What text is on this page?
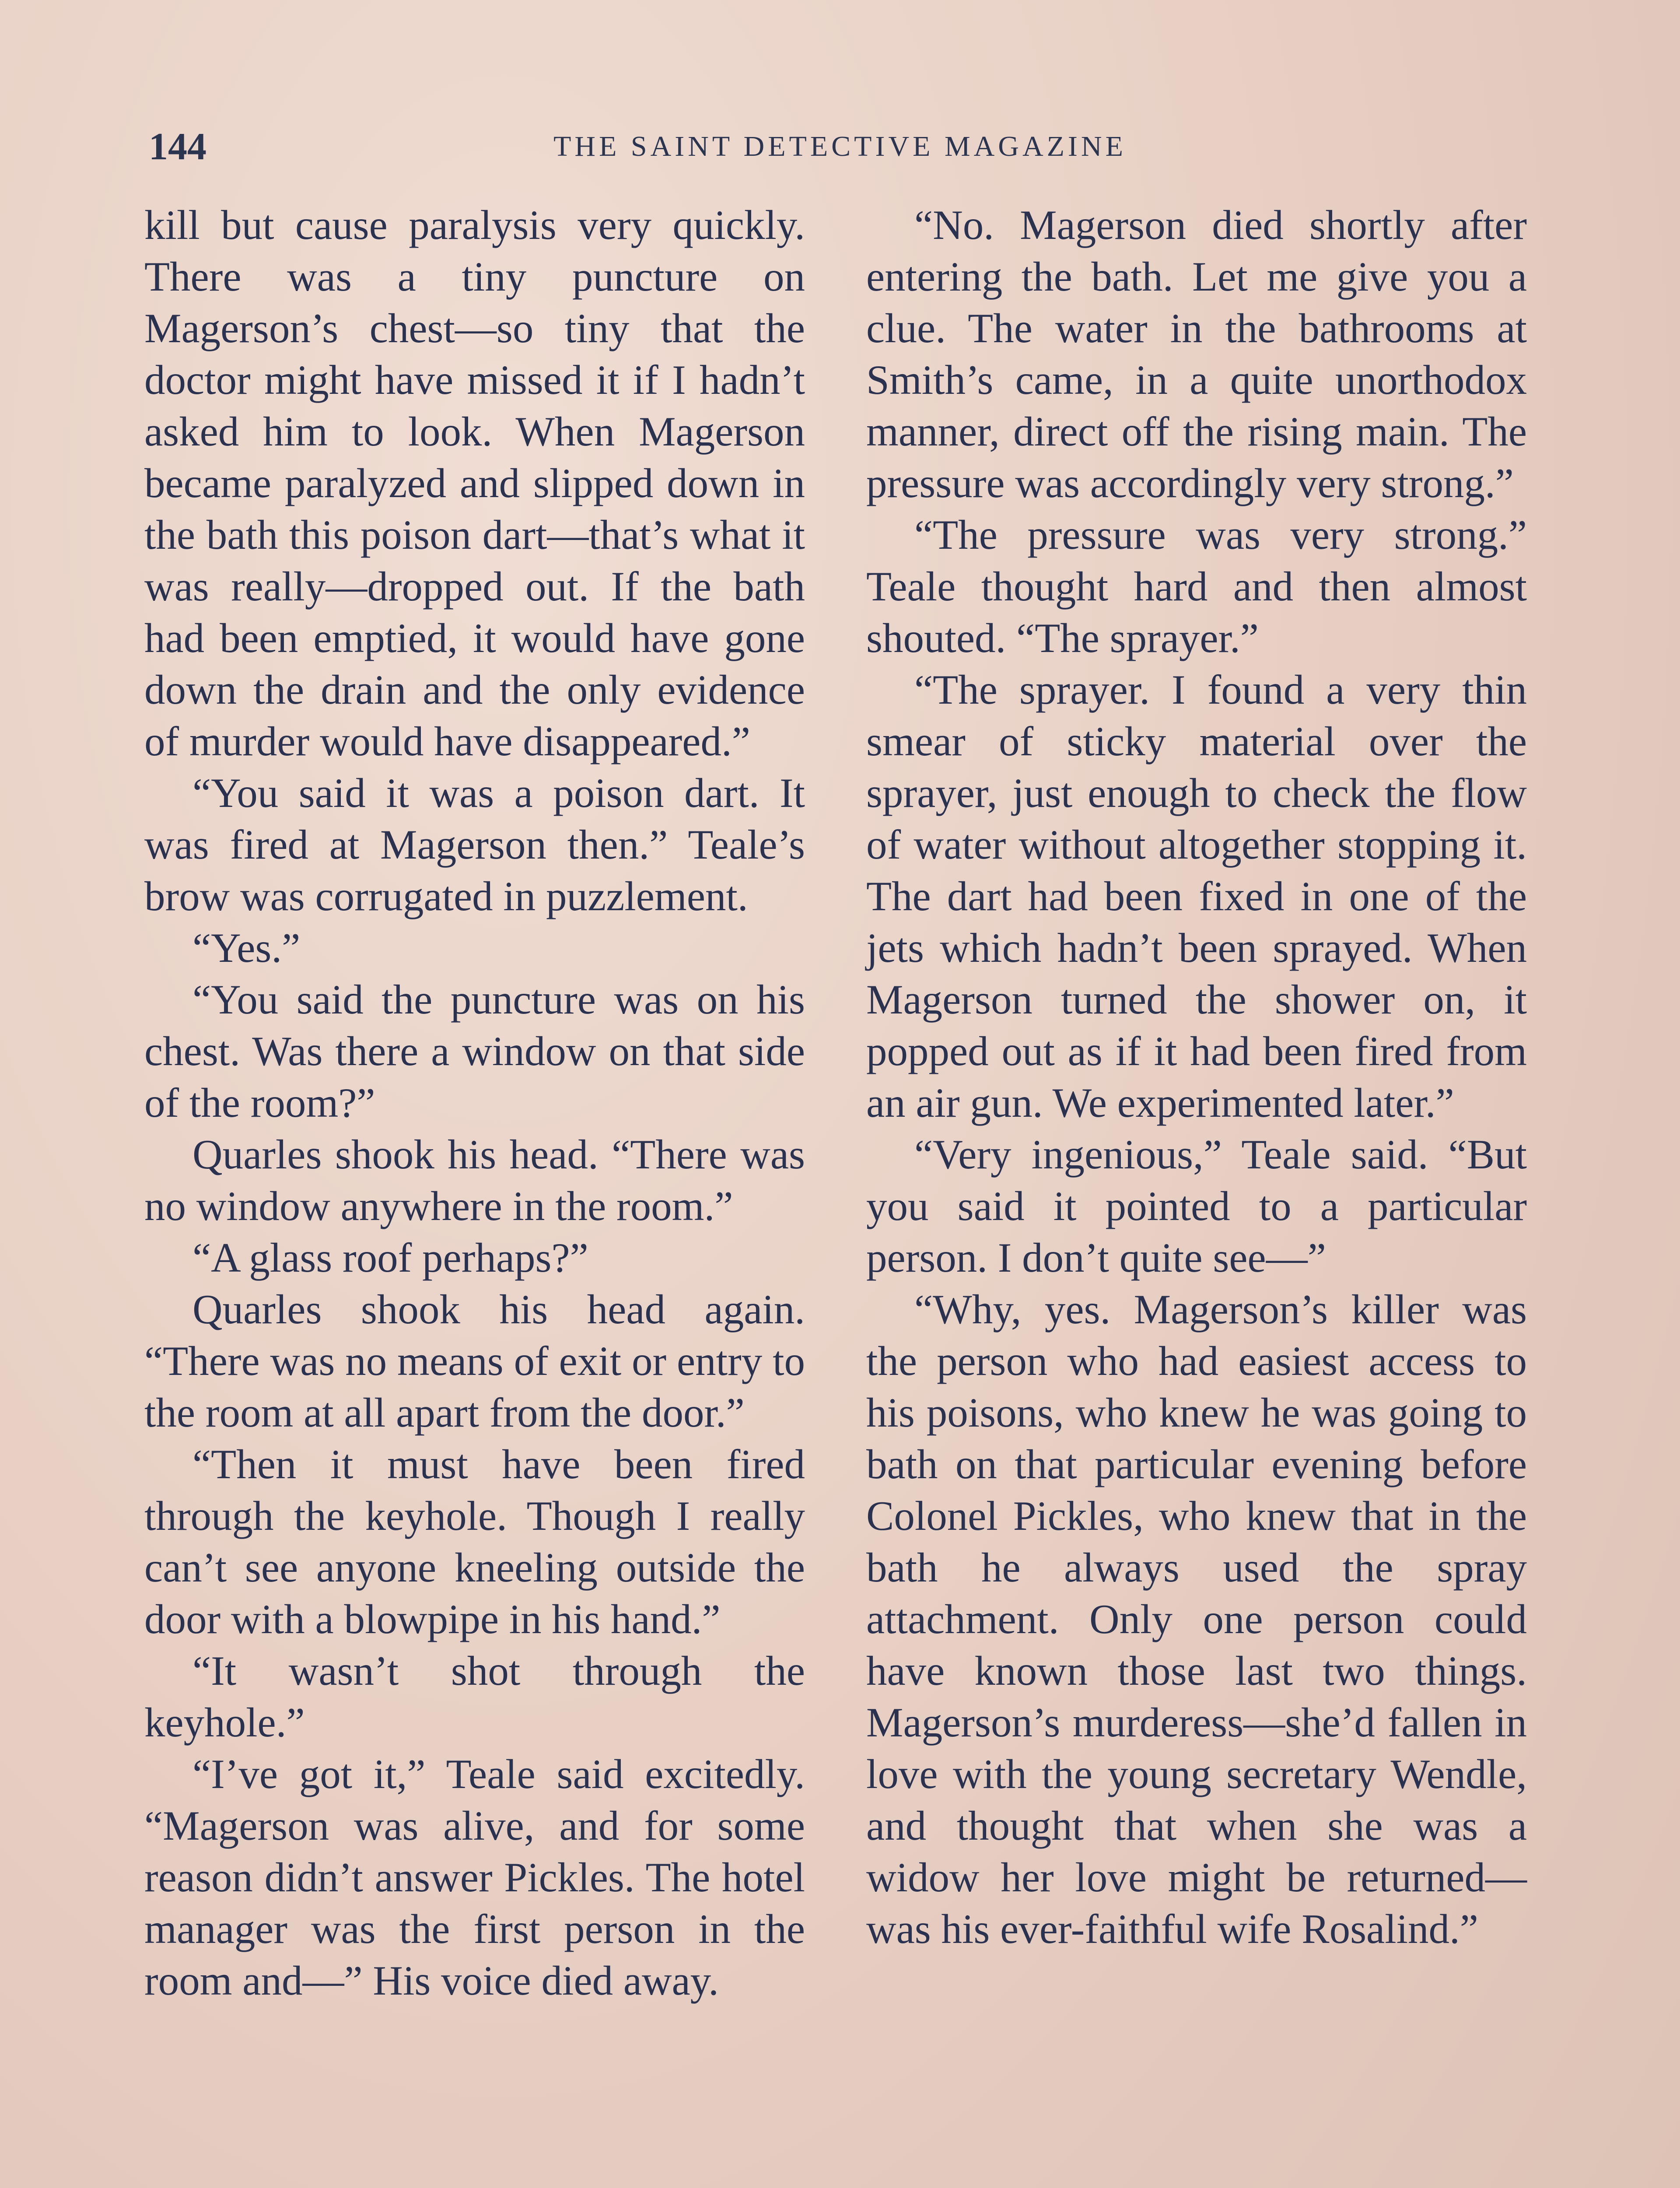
144	THE SAINT DETECTIVE MAGAZINE

kill but cause paralysis very quickly. There was a tiny puncture on Magerson’s chest—so tiny that the doctor might have missed it if I hadn’t asked him to look. When Magerson became paralyzed and slipped down in the bath this poison dart—that’s what it was really—dropped out. If the bath had been emptied, it would have gone down the drain and the only evidence of murder would have disappeared.”

“You said it was a poison dart. It was fired at Magerson then.” Teale’s brow was corrugated in puzzlement.

“Yes.”

“You said the puncture was on his chest. Was there a window on that side of the room?”

Quarles shook his head. “There was no window anywhere in the room.”

“A glass roof perhaps?”

Quarles shook his head again. “There was no means of exit or entry to the room at all apart from the door.”

“Then it must have been fired through the keyhole. Though I really can’t see anyone kneeling outside the door with a blowpipe in his hand.”

“It wasn’t shot through the keyhole.”

“I’ve got it,” Teale said excitedly. “Magerson was alive, and for some reason didn’t answer Pickles. The hotel manager was the first person in the room and—” His voice died away.

“No. Magerson died shortly after entering the bath. Let me give you a clue. The water in the bathrooms at Smith’s came, in a quite unorthodox manner, direct off the rising main. The pressure was accordingly very strong.”

“The pressure was very strong.” Teale thought hard and then almost shouted. “The sprayer.”

“The sprayer. I found a very thin smear of sticky material over the sprayer, just enough to check the flow of water without altogether stopping it. The dart had been fixed in one of the jets which hadn’t been sprayed. When Magerson turned the shower on, it popped out as if it had been fired from an air gun. We experimented later.”

“Very ingenious,” Teale said. “But you said it pointed to a particular person. I don’t quite see—”

“Why, yes. Magerson’s killer was the person who had easiest access to his poisons, who knew he was going to bath on that particular evening before Colonel Pickles, who knew that in the bath he always used the spray attachment. Only one person could have known those last two things. Magerson’s murderess—she’d fallen in love with the young secretary Wendle, and thought that when she was a widow her love might be returned—was his ever-faithful wife Rosalind.”
